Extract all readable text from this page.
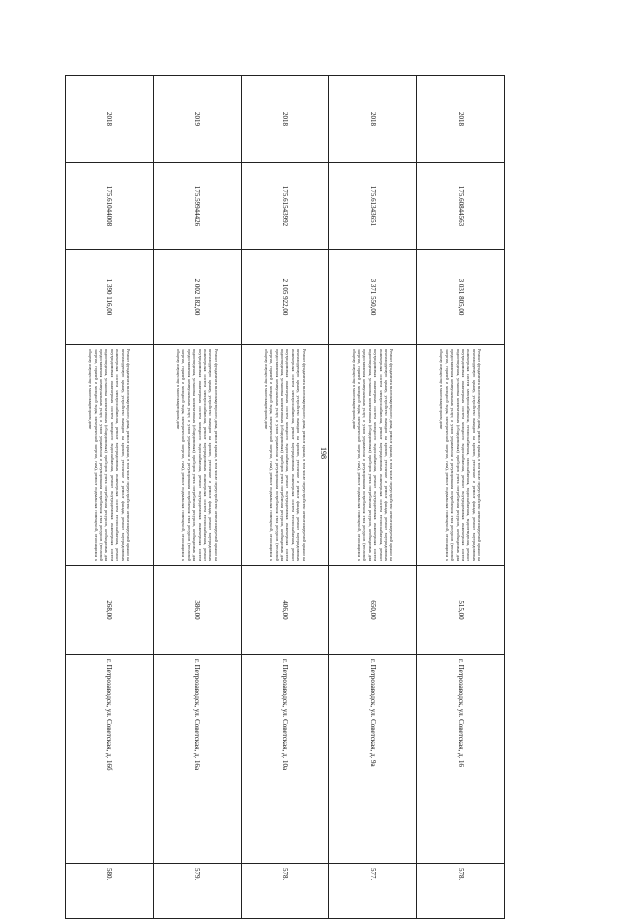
198
2018	175.60844563	3 031 805,00	Ремонт фундамента многоквартирного дома, ремонт крыши, в том числе переустройство невентилируемой крыши на вентилируемую крышу, устройство выходов на кровлю, утепление и ремонт фасада, ремонт внутридомовых инженерных систем электроснабжения, теплоснабжения, газоснабжения, водоснабжения, водоотведения, ремонт внутридомовых инженерных систем холодного водоснабжения, ремонт внутридомовых инженерных систем водоотведения, установка коллективных (общедомовых) приборов учета потребления ресурсов, необходимых для предоставления коммунальных услуг, и узлов управления и регулирования потребления этих ресурсов (тепловой энергии, горячей и холодной воды, электрической энергии, газа), ремонт подвальных помещений, относящихся к общему имуществу в многоквартирном доме	515,00	г. Петрозаводск, ул. Советская, д. 16	578.
2018	175.61343651	3 371 550,00	Ремонт фундамента многоквартирного дома, ремонт крыши, в том числе переустройство невентилируемой крыши на вентилируемую крышу, устройство выходов на кровлю, утепление и ремонт фасада, ремонт внутридомовых инженерных систем электроснабжения, ремонт внутридомовых инженерных систем теплоснабжения, ремонт внутридомовых инженерных систем холодного водоснабжения, ремонт внутридомовых инженерных систем водоотведения, установка коллективных (общедомовых) приборов учета потребления ресурсов, необходимых для предоставления коммунальных услуг, и узлов управления и регулирования потребления этих ресурсов (тепловой энергии, горячей и холодной воды, электрической энергии, газа), ремонт подвальных помещений, относящихся к общему имуществу в многоквартирном доме	650,00	г. Петрозаводск, ул. Советская, д. 9а	577.
2018	175.61543992	2 105 922,00	Ремонт фундамента многоквартирного дома, ремонт крыши, в том числе переустройство невентилируемой крыши на вентилируемую крышу, устройство выходов на кровлю, утепление и ремонт фасада, ремонт внутридомовых инженерных систем электроснабжения, ремонт внутридомовых инженерных систем теплоснабжения, ремонт внутридомовых инженерных систем холодного водоснабжения, ремонт внутридомовых инженерных систем водоотведения, установка коллективных (общедомовых) приборов учета потребления ресурсов, необходимых для предоставления коммунальных услуг, и узлов управления и регулирования потребления этих ресурсов (тепловой энергии, горячей и холодной воды, электрической энергии, газа), ремонт подвальных помещений, относящихся к общему имуществу в многоквартирном доме	406,00	г. Петрозаводск, ул. Советская, д. 10а	578.
2019	175.59944426	2 002 182,00	Ремонт фундамента многоквартирного дома, ремонт крыши, в том числе переустройство невентилируемой крыши на вентилируемую крышу, устройство выходов на кровлю, утепление и ремонт фасада, ремонт внутридомовых инженерных систем электроснабжения, ремонт внутридомовых инженерных систем теплоснабжения, ремонт внутридомовых инженерных систем холодного водоснабжения, ремонт внутридомовых инженерных систем водоотведения, установка коллективных (общедомовых) приборов учета потребления ресурсов, необходимых для предоставления коммунальных услуг, и узлов управления и регулирования потребления этих ресурсов (тепловой энергии, горячей и холодной воды, электрической энергии, газа), ремонт подвальных помещений, относящихся к общему имуществу в многоквартирном доме	386,00	г. Петрозаводск, ул. Советская, д. 16а	579.
2018	175.61044008	1 390 116,00	Ремонт фундамента многоквартирного дома, ремонт крыши, в том числе переустройство невентилируемой крыши на вентилируемую крышу, устройство выходов на кровлю, утепление и ремонт фасада, ремонт внутридомовых инженерных систем электроснабжения, ремонт внутридомовых инженерных систем теплоснабжения, ремонт внутридомовых инженерных систем холодного водоснабжения, ремонт внутридомовых инженерных систем водоотведения, установка коллективных (общедомовых) приборов учета потребления ресурсов, необходимых для предоставления коммунальных услуг, и узлов управления и регулирования потребления этих ресурсов (тепловой энергии, горячей и холодной воды, электрической энергии, газа), ремонт подвальных помещений, относящихся к общему имуществу в многоквартирном доме	268,00	г. Петрозаводск, ул. Советская, д. 16б	580.
